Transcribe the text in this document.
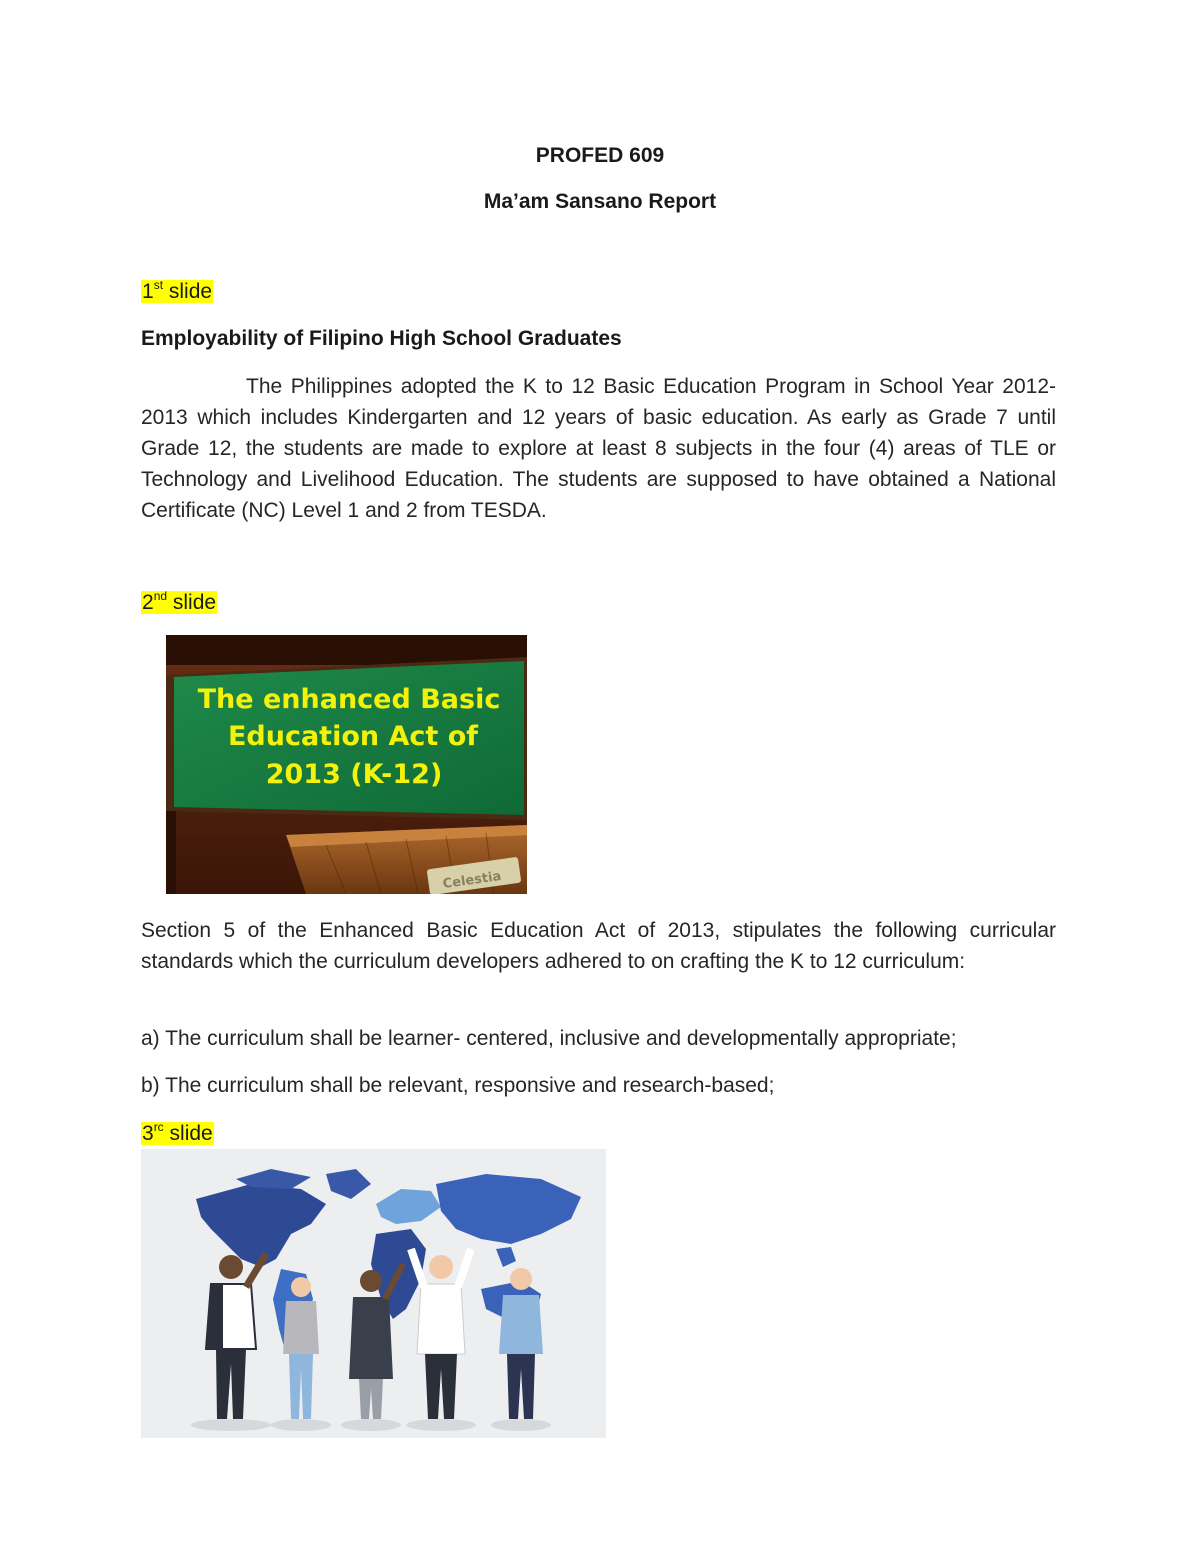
PROFED 609
Ma’am Sansano Report
1st slide
Employability of Filipino High School Graduates
The Philippines adopted the K to 12 Basic Education Program in School Year 2012-2013 which includes Kindergarten and 12 years of basic education. As early as Grade 7 until Grade 12, the students are made to explore at least 8 subjects in the four (4) areas of TLE or Technology and Livelihood Education. The students are supposed to have obtained a National Certificate (NC) Level 1 and 2 from TESDA.
2nd slide
The enhanced Basic
Education Act of
2013 (K-12)
Celestia
Section 5 of the Enhanced Basic Education Act of 2013, stipulates the following curricular standards which the curriculum developers adhered to on crafting the K to 12 curriculum:
a) The curriculum shall be learner- centered, inclusive and developmentally appropriate;
b) The curriculum shall be relevant, responsive and research-based;
$3^{rc}$ slide
